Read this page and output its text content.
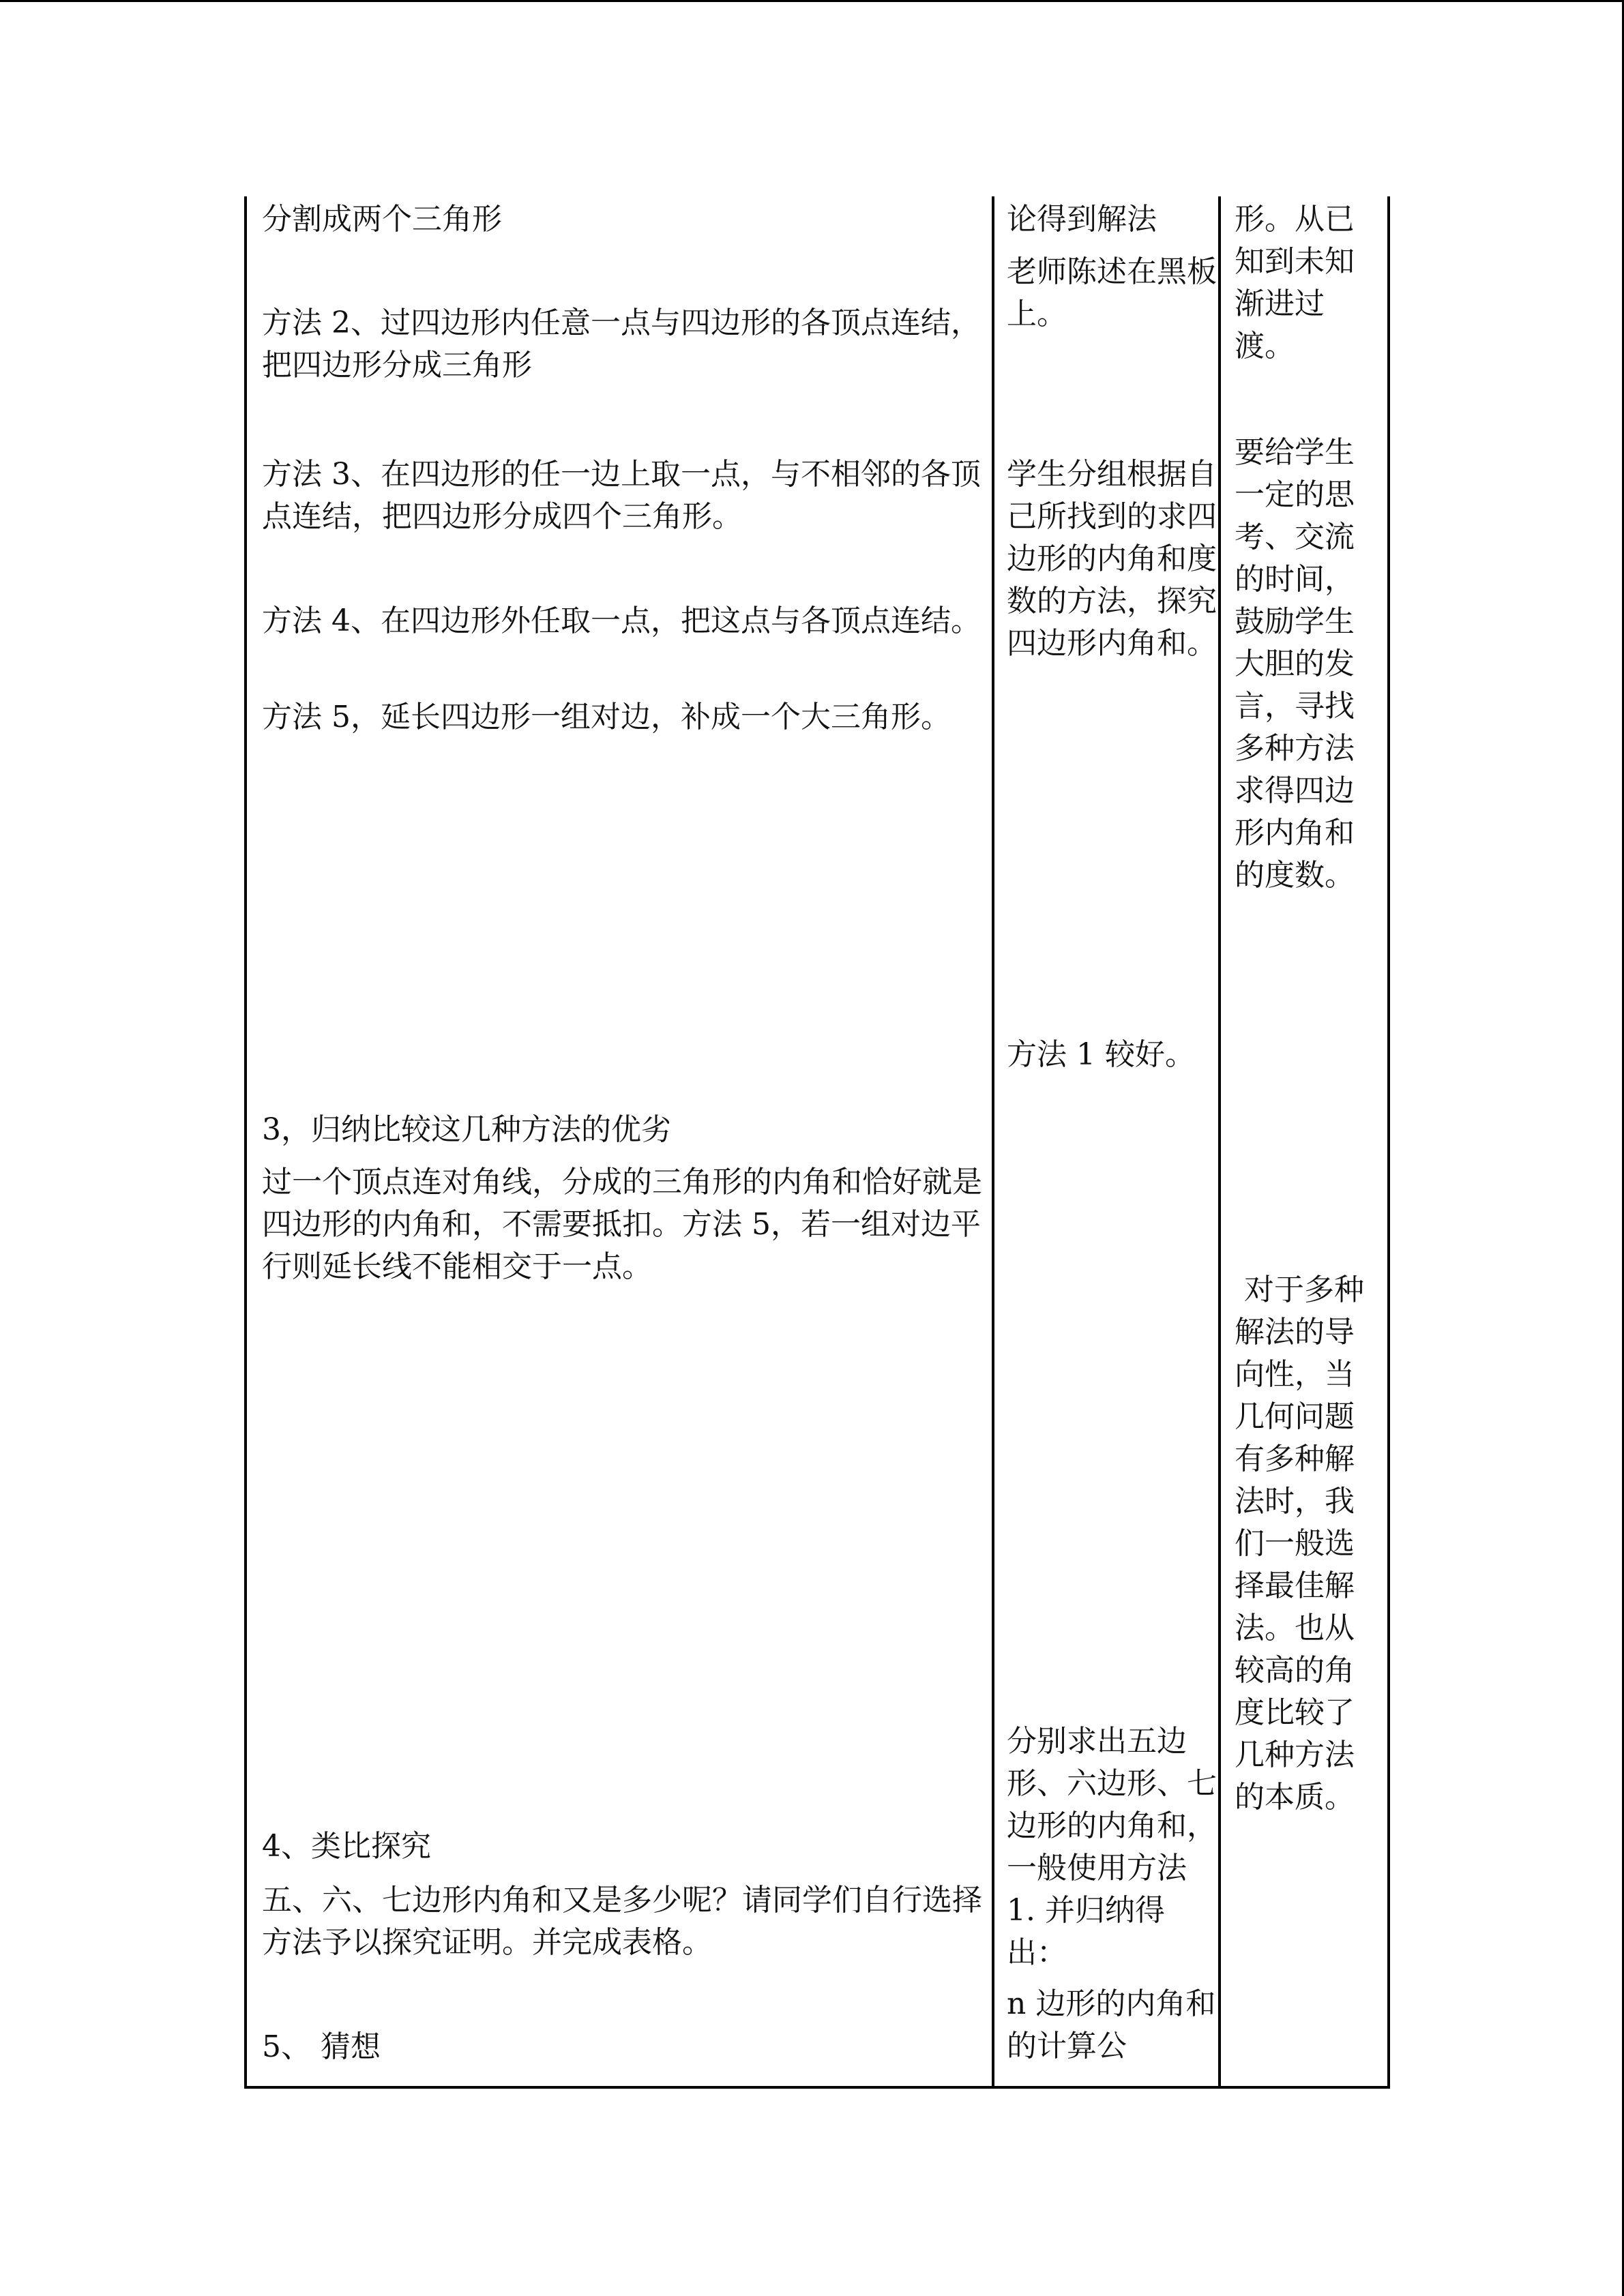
分割成两个三角形

方法 2、过四边形内任意一点与四边形的各顶点连结，把四边形分成三角形

方法 3、在四边形的任一边上取一点，与不相邻的各顶点连结，把四边形分成四个三角形。

方法 4、在四边形外任取一点，把这点与各顶点连结。

方法 5，延长四边形一组对边，补成一个大三角形。

3，归纳比较这几种方法的优劣

过一个顶点连对角线，分成的三角形的内角和恰好就是四边形的内角和，不需要抵扣。方法 5，若一组对边平行则延长线不能相交于一点。

4、类比探究

五、六、七边形内角和又是多少呢？请同学们自行选择方法予以探究证明。并完成表格。

5、 猜想

论得到解法

老师陈述在黑板上。

学生分组根据自己所找到的求四边形的内角和度数的方法，探究四边形内角和。

方法 1 较好。

分别求出五边形、六边形、七边形的内角和，一般使用方法 1. 并归纳得出：

n 边形的内角和的计算公

形。从已知到未知渐进过渡。

要给学生一定的思考、交流的时间，鼓励学生大胆的发言，寻找多种方法求得四边形内角和的度数。

对于多种解法的导向性，当几何问题有多种解法时，我们一般选择最佳解法。也从较高的角度比较了几种方法的本质。
